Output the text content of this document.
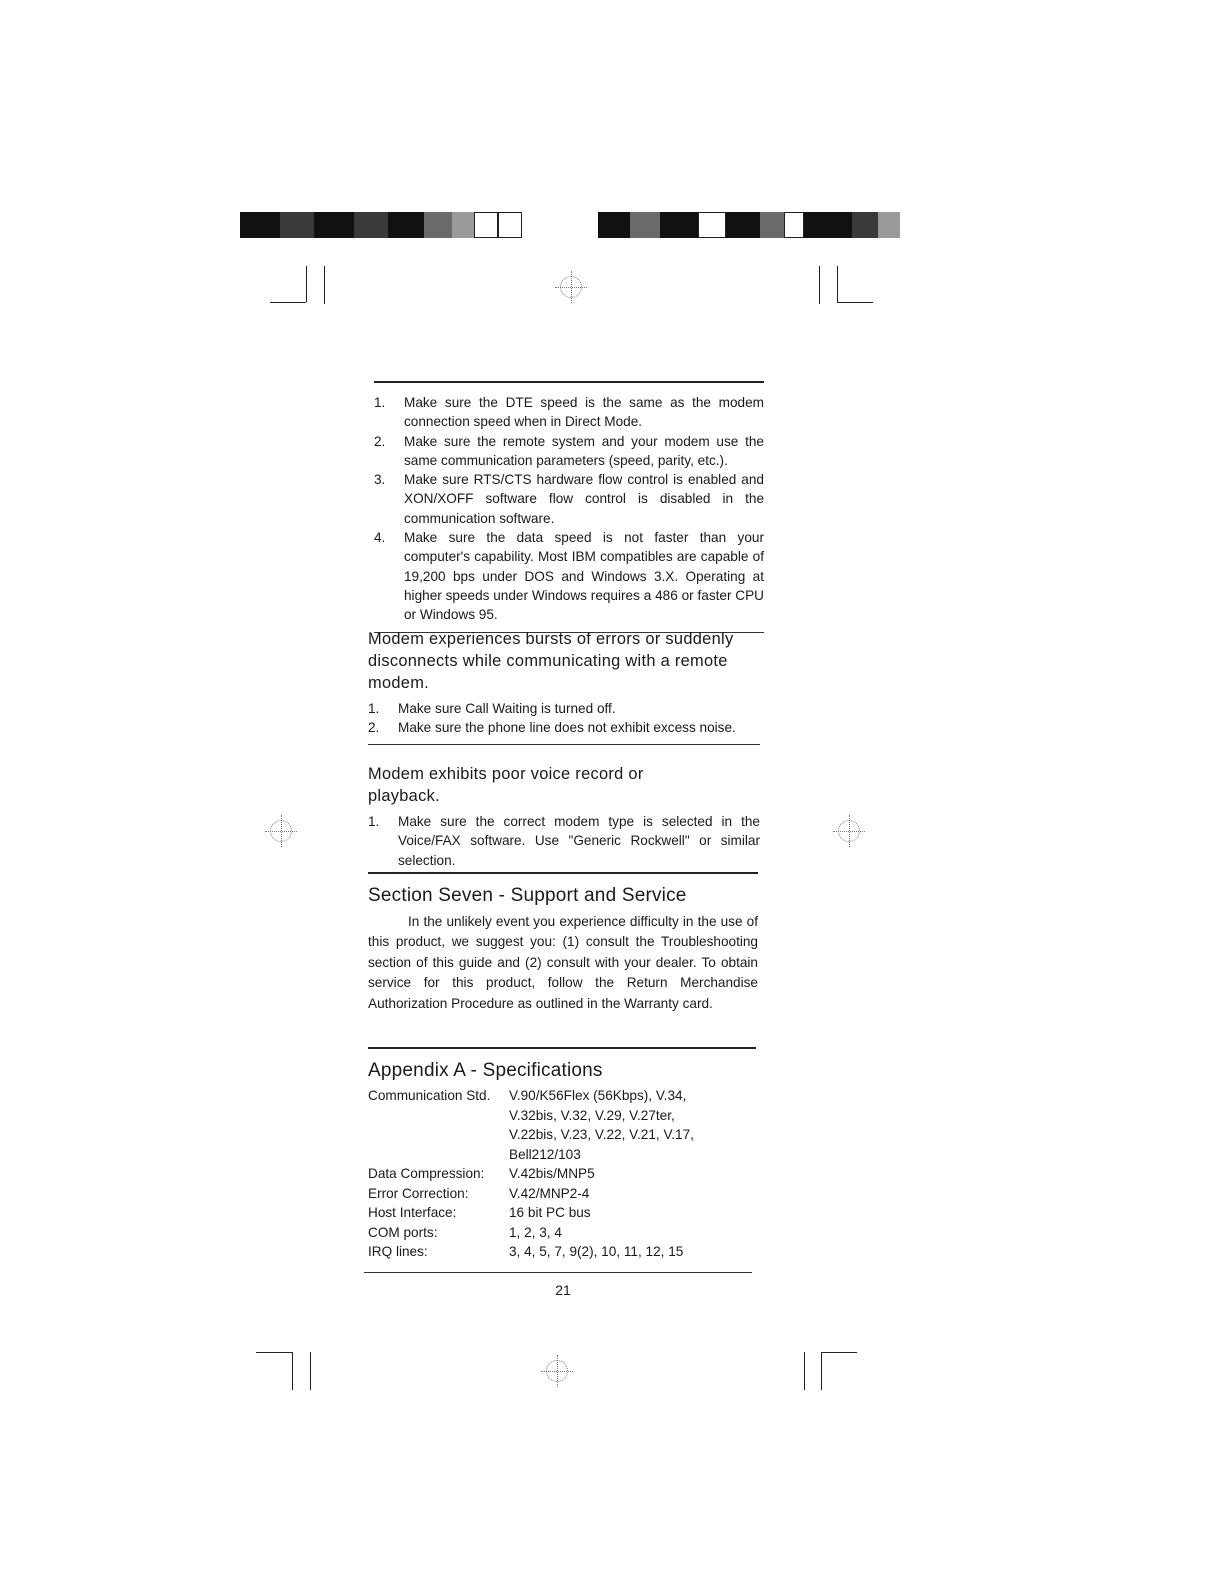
1.	Make sure the DTE speed is the same as the modem connection speed when in Direct Mode.
2.	Make sure the remote system and your modem use the same communication parameters (speed, parity, etc.).
3.	Make sure RTS/CTS hardware flow control is enabled and XON/XOFF software flow control is disabled in the communication software.
4.	Make sure the data speed is not faster than your computer's capability. Most IBM compatibles are capable of 19,200 bps under DOS and Windows 3.X. Operating at higher speeds under Windows requires a 486 or faster CPU or Windows 95.
Modem experiences bursts of errors or suddenly disconnects while communicating with a remote modem.
1.	Make sure Call Waiting is turned off.
2.	Make sure the phone line does not exhibit excess noise.
Modem exhibits poor voice record or playback.
1.	Make sure the correct modem type is selected in the Voice/FAX software. Use "Generic Rockwell" or similar selection.
Section Seven - Support and Service

In the unlikely event you experience difficulty in the use of this product, we suggest you: (1) consult the Troubleshooting section of this guide and (2) consult with your dealer. To obtain service for this product, follow the Return Merchandise Authorization Procedure as outlined in the Warranty card.

Appendix A - Specifications
Communication Std.	V.90/K56Flex (56Kbps), V.34,
	V.32bis, V.32, V.29, V.27ter,
	V.22bis, V.23, V.22, V.21, V.17,
	Bell212/103
Data Compression:	V.42bis/MNP5
Error Correction:	V.42/MNP2-4
Host Interface:	16 bit PC bus
COM ports:	1, 2, 3, 4
IRQ lines:	3, 4, 5, 7, 9(2), 10, 11, 12, 15
21
